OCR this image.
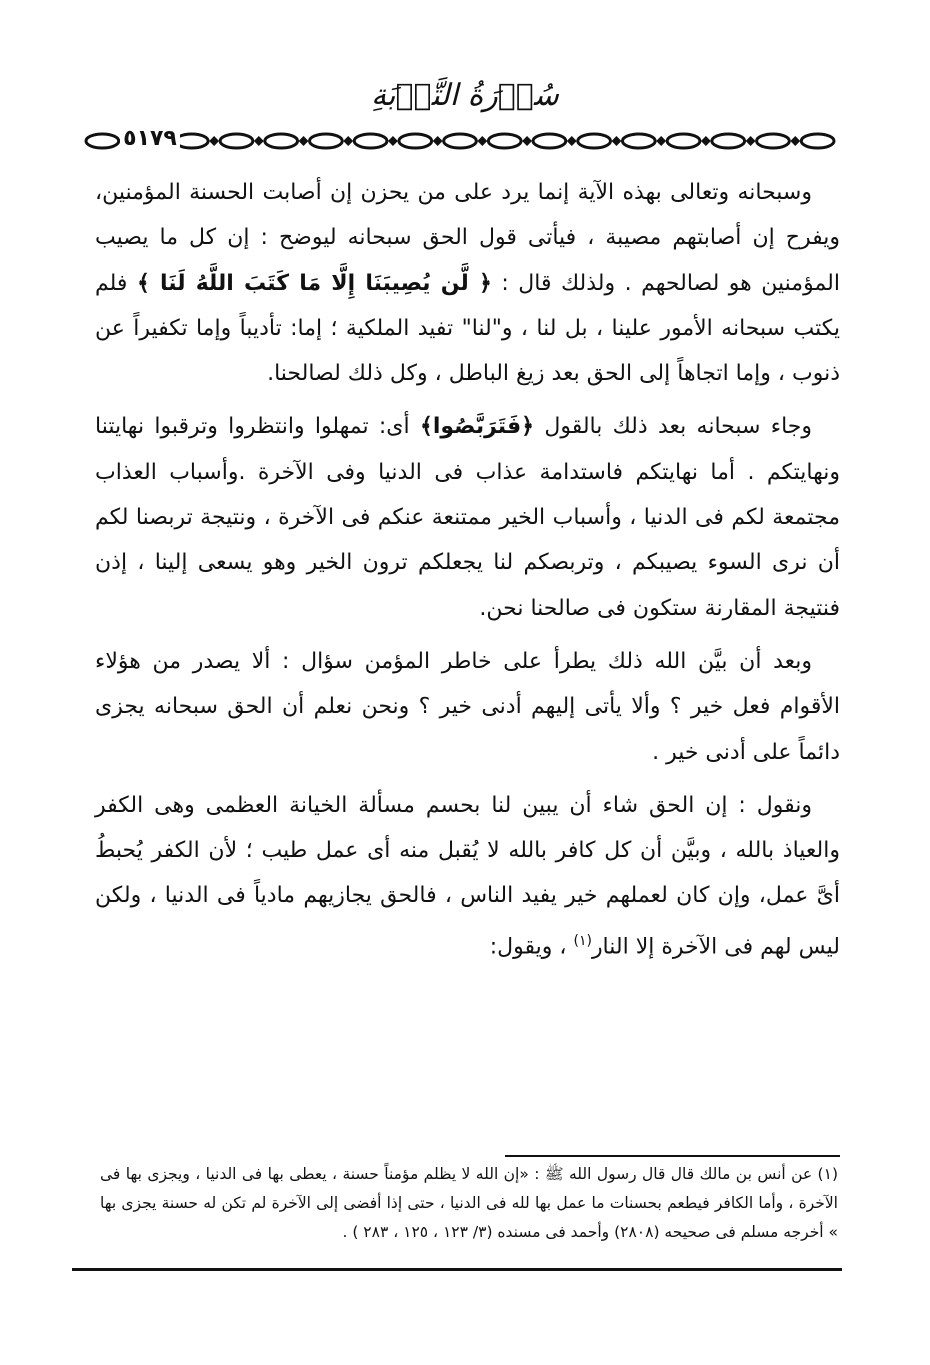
سُوۡرَةُ التَّوۡبَةِ
٥١٧٩

وسبحانه وتعالى بهذه الآية إنما يرد على من يحزن إن أصابت الحسنة المؤمنين، ويفرح إن أصابتهم مصيبة ، فيأتى قول الحق سبحانه ليوضح : إن كل ما يصيب المؤمنين هو لصالحهم . ولذلك قال : ﴿ لَّن يُصِيبَنَا إِلَّا مَا كَتَبَ اللَّهُ لَنَا ﴾ فلم يكتب سبحانه الأمور علينا ، بل لنا ، و"لنا" تفيد الملكية ؛ إما: تأديباً وإما تكفيراً عن ذنوب ، وإما اتجاهاً إلى الحق بعد زيغ الباطل ، وكل ذلك لصالحنا.

وجاء سبحانه بعد ذلك بالقول ﴿فَتَرَبَّصُوا﴾ أى: تمهلوا وانتظروا وترقبوا نهايتنا ونهايتكم . أما نهايتكم فاستدامة عذاب فى الدنيا وفى الآخرة .وأسباب العذاب مجتمعة لكم فى الدنيا ، وأسباب الخير ممتنعة عنكم فى الآخرة ، ونتيجة تربصنا لكم أن نرى السوء يصيبكم ، وتربصكم لنا يجعلكم ترون الخير وهو يسعى إلينا ، إذن فنتيجة المقارنة ستكون فى صالحنا نحن.

وبعد أن بيَّن الله ذلك يطرأ على خاطر المؤمن سؤال : ألا يصدر من هؤلاء الأقوام فعل خير ؟ وألا يأتى إليهم أدنى خير ؟ ونحن نعلم أن الحق سبحانه يجزى دائماً على أدنى خير .

ونقول : إن الحق شاء أن يبين لنا بحسم مسألة الخيانة العظمى وهى الكفر والعياذ بالله ، وبيَّن أن كل كافر بالله لا يُقبل منه أى عمل طيب ؛ لأن الكفر يُحبطُ أىَّ عمل، وإن كان لعملهم خير يفيد الناس ، فالحق يجازيهم مادياً فى الدنيا ، ولكن ليس لهم فى الآخرة إلا النار$^{(١)}$ ، ويقول:

(١) عن أنس بن مالك قال قال رسول الله ﷺ : «إن الله لا يظلم مؤمناً حسنة ، يعطى بها فى الدنيا ، ويجزى بها فى الآخرة ، وأما الكافر فيطعم بحسنات ما عمل بها لله فى الدنيا ، حتى إذا أفضى إلى الآخرة لم تكن له حسنة يجزى بها » أخرجه مسلم فى صحيحه (٢٨٠٨) وأحمد فى مسنده (٣/ ١٢٣ ، ١٢٥ ، ٢٨٣ ) .
